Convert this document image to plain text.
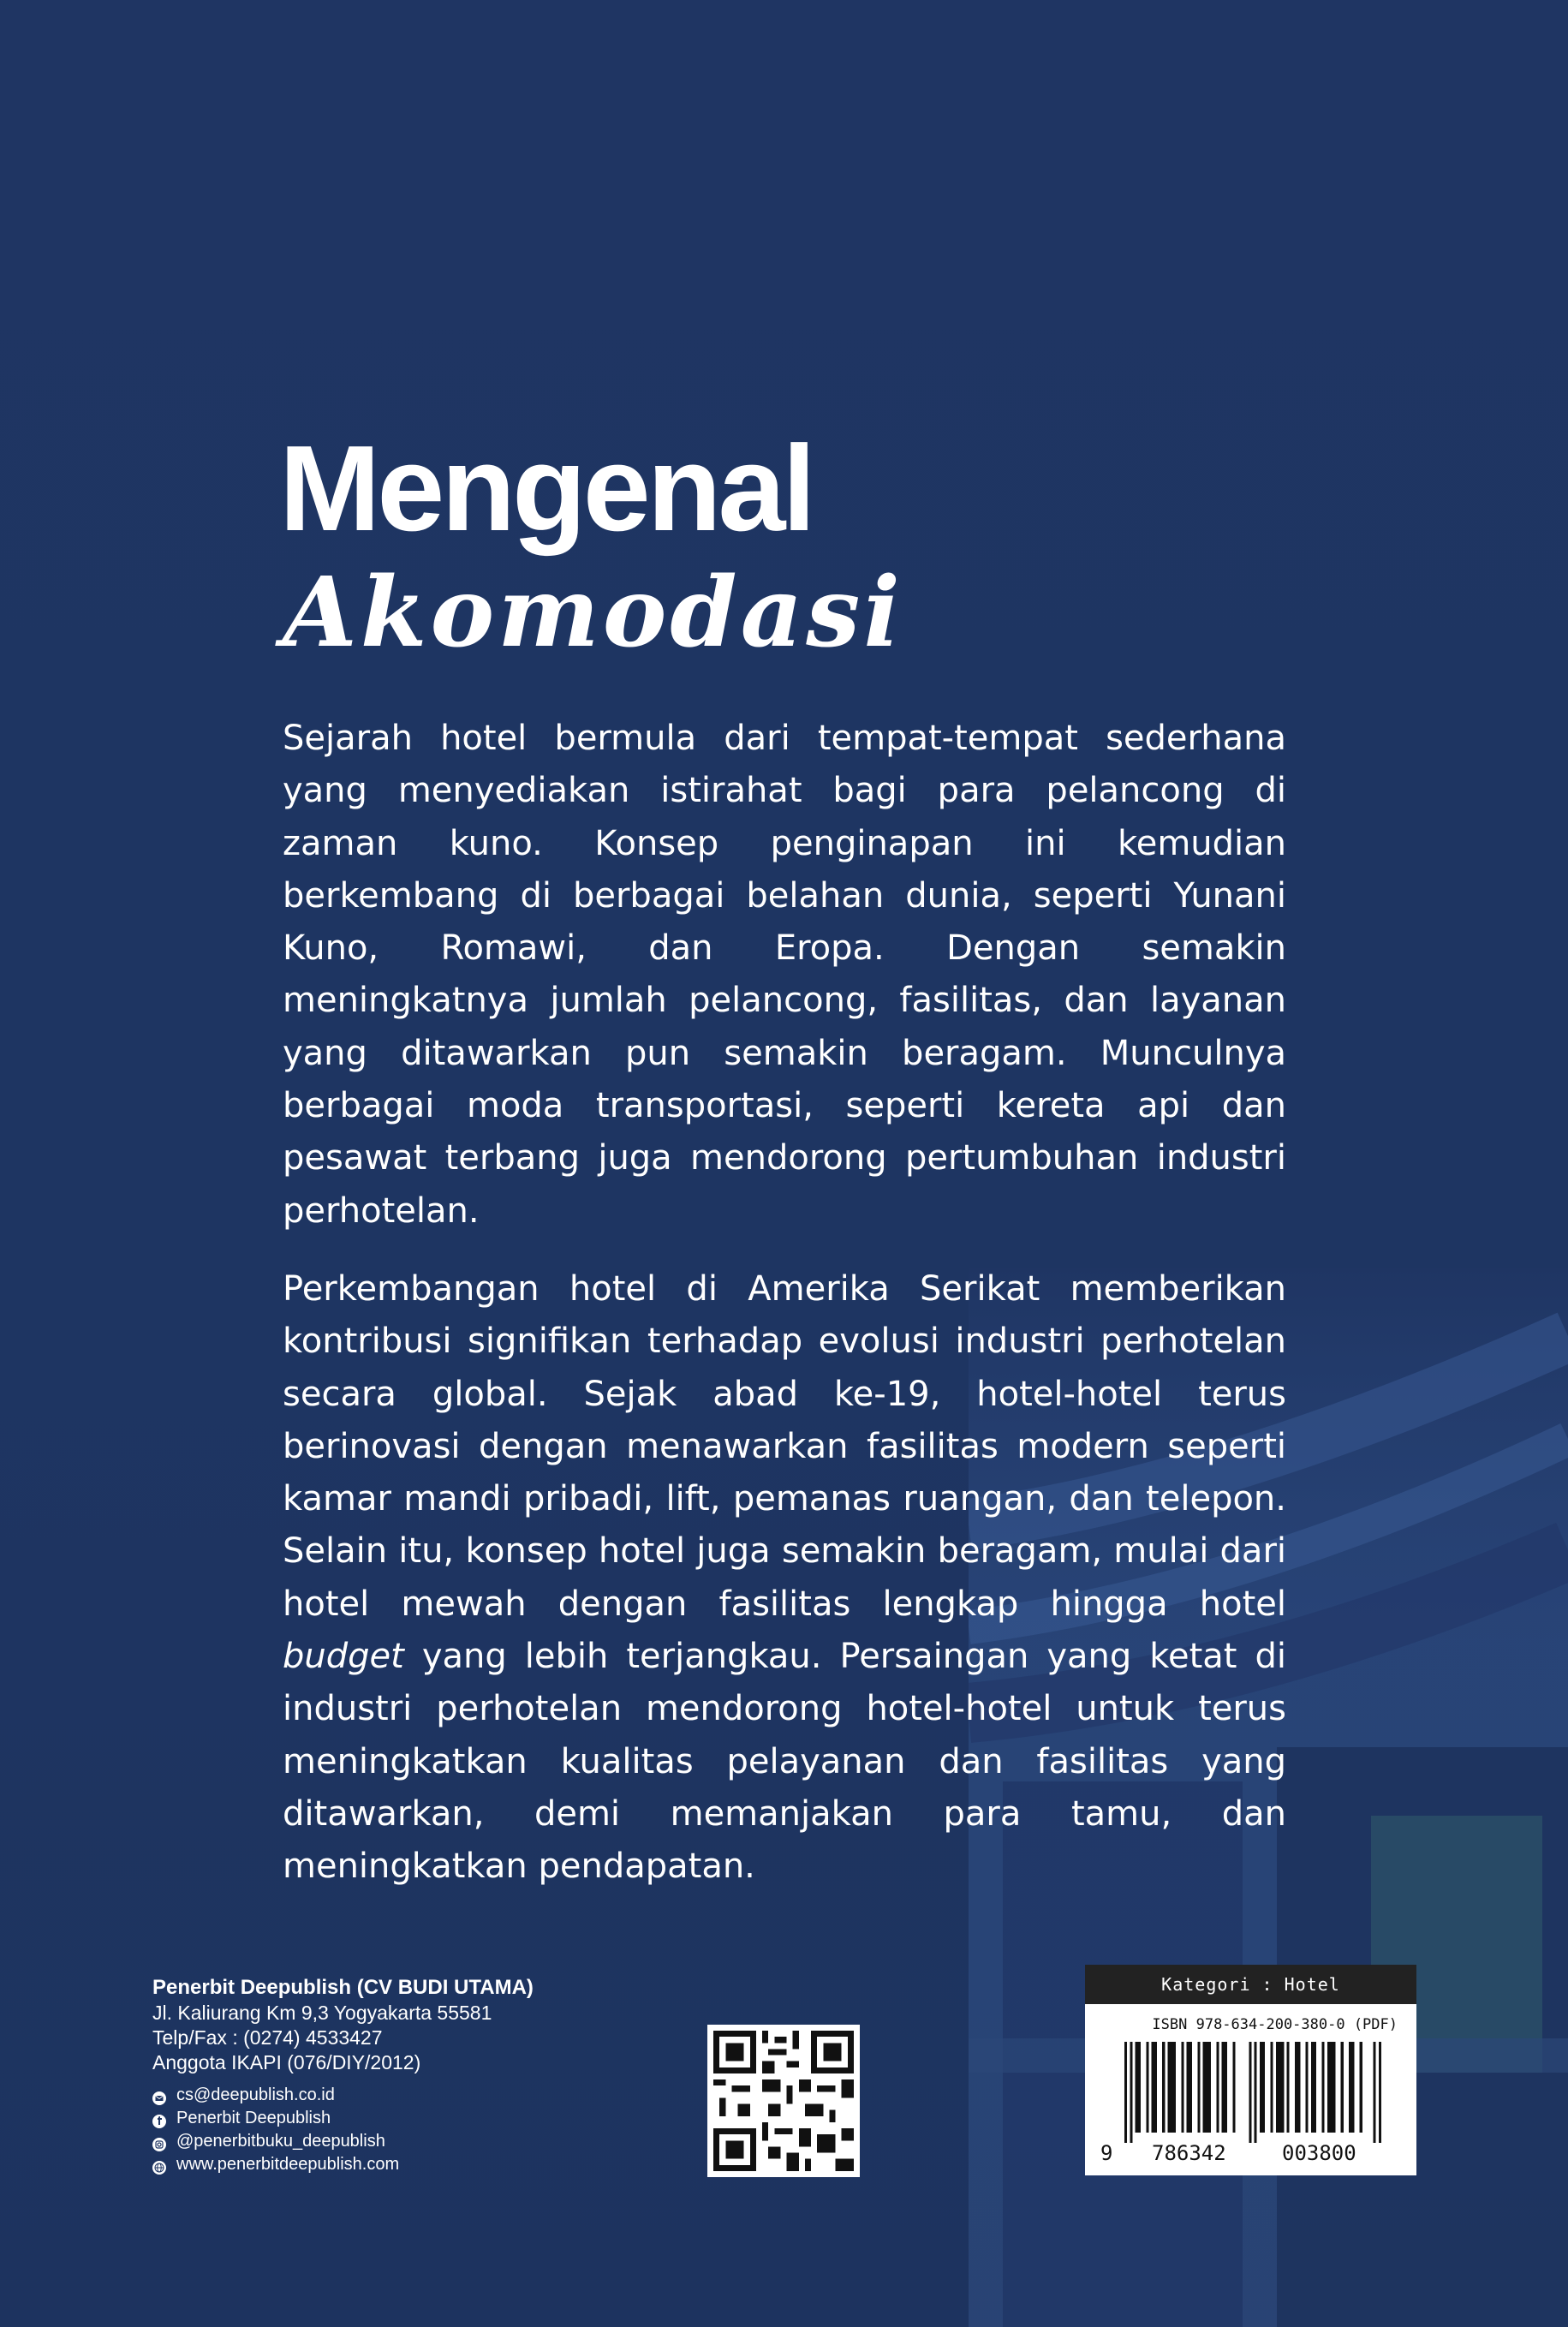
Mengenal
Akomodasi

Sejarah hotel bermula dari tempat-tempat sederhana yang menyediakan istirahat bagi para pelancong di zaman kuno. Konsep penginapan ini kemudian berkembang di berbagai belahan dunia, seperti Yunani Kuno, Romawi, dan Eropa. Dengan semakin meningkatnya jumlah pelancong, fasilitas, dan layanan yang ditawarkan pun semakin beragam. Munculnya berbagai moda transportasi, seperti kereta api dan pesawat terbang juga mendorong pertumbuhan industri perhotelan.

Perkembangan hotel di Amerika Serikat memberikan kontribusi signifikan terhadap evolusi industri perhotelan secara global. Sejak abad ke-19, hotel-hotel terus berinovasi dengan menawarkan fasilitas modern seperti kamar mandi pribadi, lift, pemanas ruangan, dan telepon. Selain itu, konsep hotel juga semakin beragam, mulai dari hotel mewah dengan fasilitas lengkap hingga hotel budget yang lebih terjangkau. Persaingan yang ketat di industri perhotelan mendorong hotel-hotel untuk terus meningkatkan kualitas pelayanan dan fasilitas yang ditawarkan, demi memanjakan para tamu, dan meningkatkan pendapatan.

Penerbit Deepublish (CV BUDI UTAMA)
Jl. Kaliurang Km 9,3 Yogyakarta 55581
Telp/Fax : (0274) 4533427
Anggota IKAPI (076/DIY/2012)
cs@deepublish.co.id
Penerbit Deepublish
@penerbitbuku_deepublish
www.penerbitdeepublish.com
Kategori : Hotel
ISBN 978-634-200-380-0 (PDF)
9 786342	003800
